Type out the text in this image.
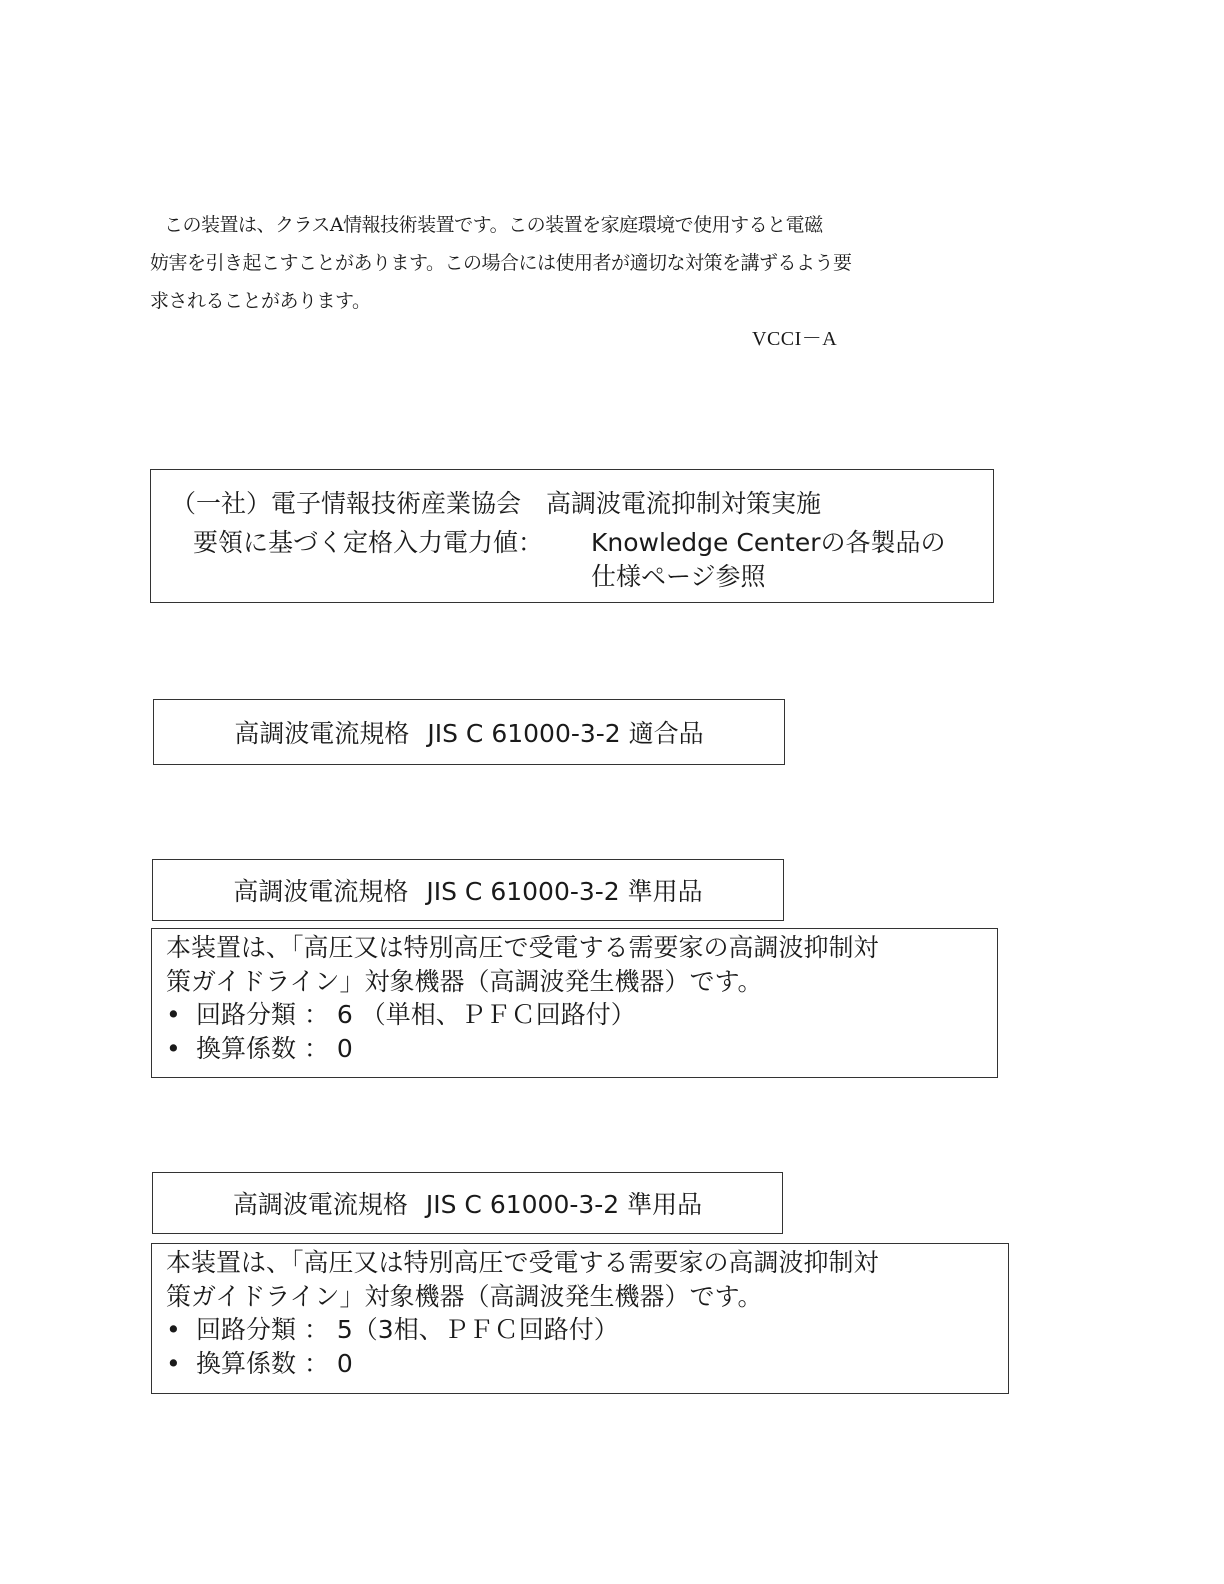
この装置は、クラスA情報技術装置です。この装置を家庭環境で使用すると電磁
妨害を引き起こすことがあります。この場合には使用者が適切な対策を講ずるよう要
求されることがあります。
VCCI－A
（一社）電子情報技術産業協会　高調波電流抑制対策実施
要領に基づく定格入力電力値： Knowledge Centerの各製品の
仕様ページ参照
高調波電流規格 JIS C 61000-3-2 適合品
高調波電流規格 JIS C 61000-3-2 準用品
本装置は、「高圧又は特別高圧で受電する需要家の高調波抑制対
策ガイドライン」対象機器（高調波発生機器）です。
• 回路分類 ： 6 （単相、ＰＦＣ回路付）
• 換算係数 ： 0
高調波電流規格 JIS C 61000-3-2 準用品
本装置は、「高圧又は特別高圧で受電する需要家の高調波抑制対
策ガイドライン」対象機器（高調波発生機器）です。
• 回路分類 ： 5（3相、ＰＦＣ回路付）
• 換算係数 ： 0
